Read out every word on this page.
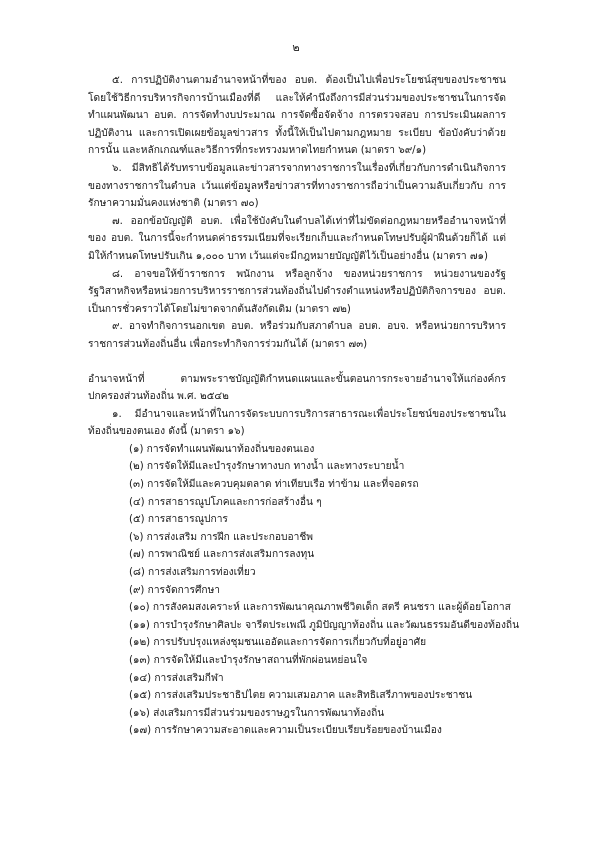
๒

๕. การปฏิบัติงานตามอำนาจหน้าที่ของ อบต. ต้องเป็นไปเพื่อประโยชน์สุขของประชาชน โดยใช้วิธีการบริหารกิจการบ้านเมืองที่ดี และให้คำนึงถึงการมีส่วนร่วมของประชาชนในการจัดทำแผนพัฒนา อบต. การจัดทำงบประมาณ การจัดซื้อจัดจ้าง การตรวจสอบ การประเมินผลการปฏิบัติงาน และการเปิดเผยข้อมูลข่าวสาร ทั้งนี้ให้เป็นไปตามกฎหมาย ระเบียบ ข้อบังคับว่าด้วยการนั้น และหลักเกณฑ์และวิธีการที่กระทรวงมหาดไทยกำหนด (มาตรา ๖๙/๑)

๖. มีสิทธิได้รับทราบข้อมูลและข่าวสารจากทางราชการในเรื่องที่เกี่ยวกับการดำเนินกิจการของทางราชการในตำบล เว้นแต่ข้อมูลหรือข่าวสารที่ทางราชการถือว่าเป็นความลับเกี่ยวกับ การรักษาความมั่นคงแห่งชาติ (มาตรา ๗๐)

๗. ออกข้อบัญญัติ อบต. เพื่อใช้บังคับในตำบลได้เท่าที่ไม่ขัดต่อกฎหมายหรืออำนาจหน้าที่ของ อบต. ในการนี้จะกำหนดค่าธรรมเนียมที่จะเรียกเก็บและกำหนดโทษปรับผู้ฝ่าฝืนด้วยก็ได้ แต่มิให้กำหนดโทษปรับเกิน ๑,๐๐๐ บาท เว้นแต่จะมีกฎหมายบัญญัติไว้เป็นอย่างอื่น (มาตรา ๗๑)

๘. อาจขอให้ข้าราชการ พนักงาน หรือลูกจ้าง ของหน่วยราชการ หน่วยงานของรัฐ รัฐวิสาหกิจหรือหน่วยการบริหารราชการส่วนท้องถิ่นไปดำรงตำแหน่งหรือปฏิบัติกิจการของ อบต. เป็นการชั่วคราวได้โดยไม่ขาดจากต้นสังกัดเดิม (มาตรา ๗๒)

๙. อาจทำกิจการนอกเขต อบต. หรือร่วมกับสภาตำบล อบต. อบจ. หรือหน่วยการบริหารราชการส่วนท้องถิ่นอื่น เพื่อกระทำกิจการร่วมกันได้ (มาตรา ๗๓)

อำนาจหน้าที่ ตามพระราชบัญญัติกำหนดแผนและขั้นตอนการกระจายอำนาจให้แก่องค์กรปกครองส่วนท้องถิ่น พ.ศ. ๒๕๔๒

๑. มีอำนาจและหน้าที่ในการจัดระบบการบริการสาธารณะเพื่อประโยชน์ของประชาชนในท้องถิ่นของตนเอง ดังนี้ (มาตรา ๑๖)

(๑) การจัดทำแผนพัฒนาท้องถิ่นของตนเอง
(๒) การจัดให้มีและบำรุงรักษาทางบก ทางน้ำ และทางระบายน้ำ
(๓) การจัดให้มีและควบคุมตลาด ท่าเทียบเรือ ท่าข้าม และที่จอดรถ
(๔) การสาธารณูปโภคและการก่อสร้างอื่น ๆ
(๕) การสาธารณูปการ
(๖) การส่งเสริม การฝึก และประกอบอาชีพ
(๗) การพาณิชย์ และการส่งเสริมการลงทุน
(๘) การส่งเสริมการท่องเที่ยว
(๙) การจัดการศึกษา
(๑๐) การสังคมสงเคราะห์ และการพัฒนาคุณภาพชีวิตเด็ก สตรี คนชรา และผู้ด้อยโอกาส
(๑๑) การบำรุงรักษาศิลปะ จารีตประเพณี ภูมิปัญญาท้องถิ่น และวัฒนธรรมอันดีของท้องถิ่น
(๑๒) การปรับปรุงแหล่งชุมชนแออัดและการจัดการเกี่ยวกับที่อยู่อาศัย
(๑๓) การจัดให้มีและบำรุงรักษาสถานที่พักผ่อนหย่อนใจ
(๑๔) การส่งเสริมกีฬา
(๑๕) การส่งเสริมประชาธิปไตย ความเสมอภาค และสิทธิเสรีภาพของประชาชน
(๑๖) ส่งเสริมการมีส่วนร่วมของราษฎรในการพัฒนาท้องถิ่น
(๑๗) การรักษาความสะอาดและความเป็นระเบียบเรียบร้อยของบ้านเมือง
